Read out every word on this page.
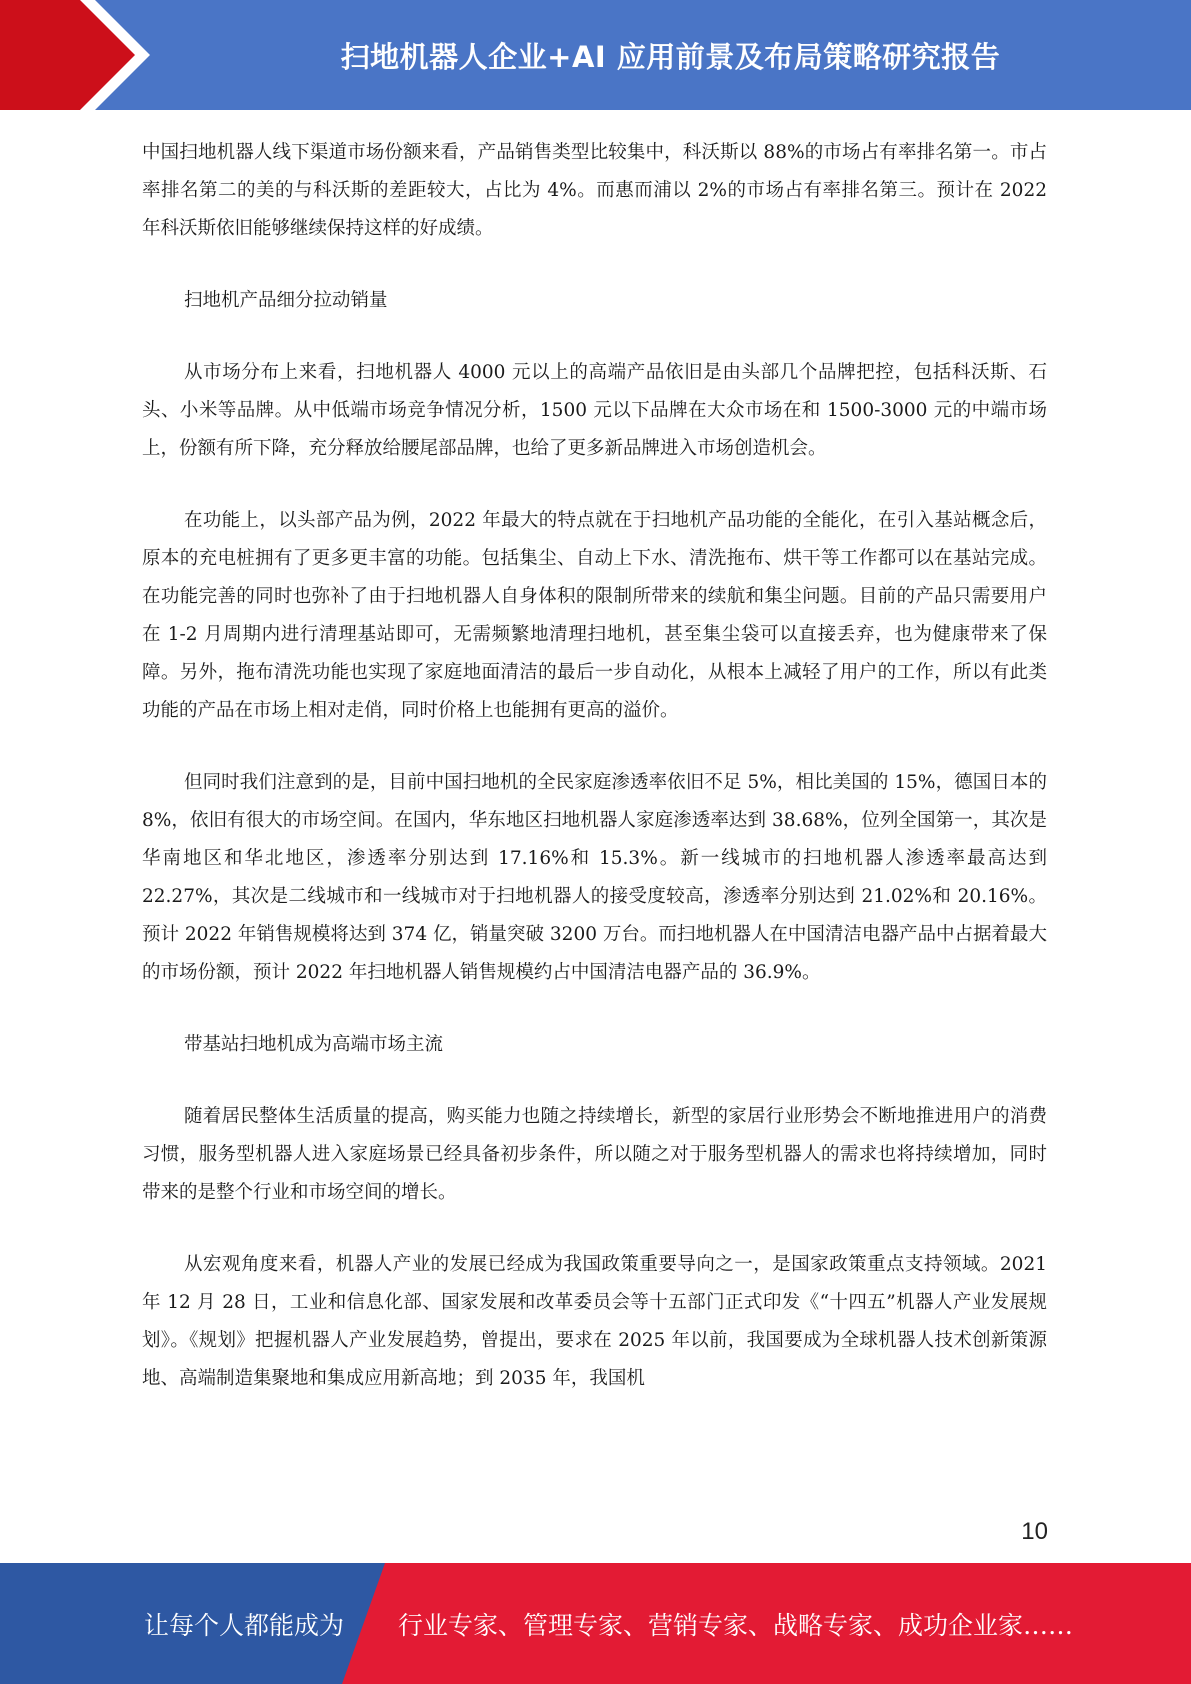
扫地机器人企业+AI 应用前景及布局策略研究报告

中国扫地机器人线下渠道市场份额来看，产品销售类型比较集中，科沃斯以 88%的市场占有率排名第一。市占率排名第二的美的与科沃斯的差距较大，占比为 4%。而惠而浦以 2%的市场占有率排名第三。预计在 2022 年科沃斯依旧能够继续保持这样的好成绩。

扫地机产品细分拉动销量

从市场分布上来看，扫地机器人 4000 元以上的高端产品依旧是由头部几个品牌把控，包括科沃斯、石头、小米等品牌。从中低端市场竞争情况分析，1500 元以下品牌在大众市场在和 1500-3000 元的中端市场上，份额有所下降，充分释放给腰尾部品牌，也给了更多新品牌进入市场创造机会。

在功能上，以头部产品为例，2022 年最大的特点就在于扫地机产品功能的全能化，在引入基站概念后，原本的充电桩拥有了更多更丰富的功能。包括集尘、自动上下水、清洗拖布、烘干等工作都可以在基站完成。在功能完善的同时也弥补了由于扫地机器人自身体积的限制所带来的续航和集尘问题。目前的产品只需要用户在 1-2 月周期内进行清理基站即可，无需频繁地清理扫地机，甚至集尘袋可以直接丢弃，也为健康带来了保障。另外，拖布清洗功能也实现了家庭地面清洁的最后一步自动化，从根本上减轻了用户的工作，所以有此类功能的产品在市场上相对走俏，同时价格上也能拥有更高的溢价。

但同时我们注意到的是，目前中国扫地机的全民家庭渗透率依旧不足 5%，相比美国的 15%，德国日本的 8%，依旧有很大的市场空间。在国内，华东地区扫地机器人家庭渗透率达到 38.68%，位列全国第一，其次是华南地区和华北地区，渗透率分别达到 17.16%和 15.3%。新一线城市的扫地机器人渗透率最高达到 22.27%，其次是二线城市和一线城市对于扫地机器人的接受度较高，渗透率分别达到 21.02%和 20.16%。预计 2022 年销售规模将达到 374 亿，销量突破 3200 万台。而扫地机器人在中国清洁电器产品中占据着最大的市场份额，预计 2022 年扫地机器人销售规模约占中国清洁电器产品的 36.9%。

带基站扫地机成为高端市场主流

随着居民整体生活质量的提高，购买能力也随之持续增长，新型的家居行业形势会不断地推进用户的消费习惯，服务型机器人进入家庭场景已经具备初步条件，所以随之对于服务型机器人的需求也将持续增加，同时带来的是整个行业和市场空间的增长。

从宏观角度来看，机器人产业的发展已经成为我国政策重要导向之一，是国家政策重点支持领域。2021 年 12 月 28 日，工业和信息化部、国家发展和改革委员会等十五部门正式印发《“十四五”机器人产业发展规划》。《规划》把握机器人产业发展趋势，曾提出，要求在 2025 年以前，我国要成为全球机器人技术创新策源地、高端制造集聚地和集成应用新高地；到 2035 年，我国机

10
让每个人都能成为 行业专家、管理专家、营销专家、战略专家、成功企业家……
